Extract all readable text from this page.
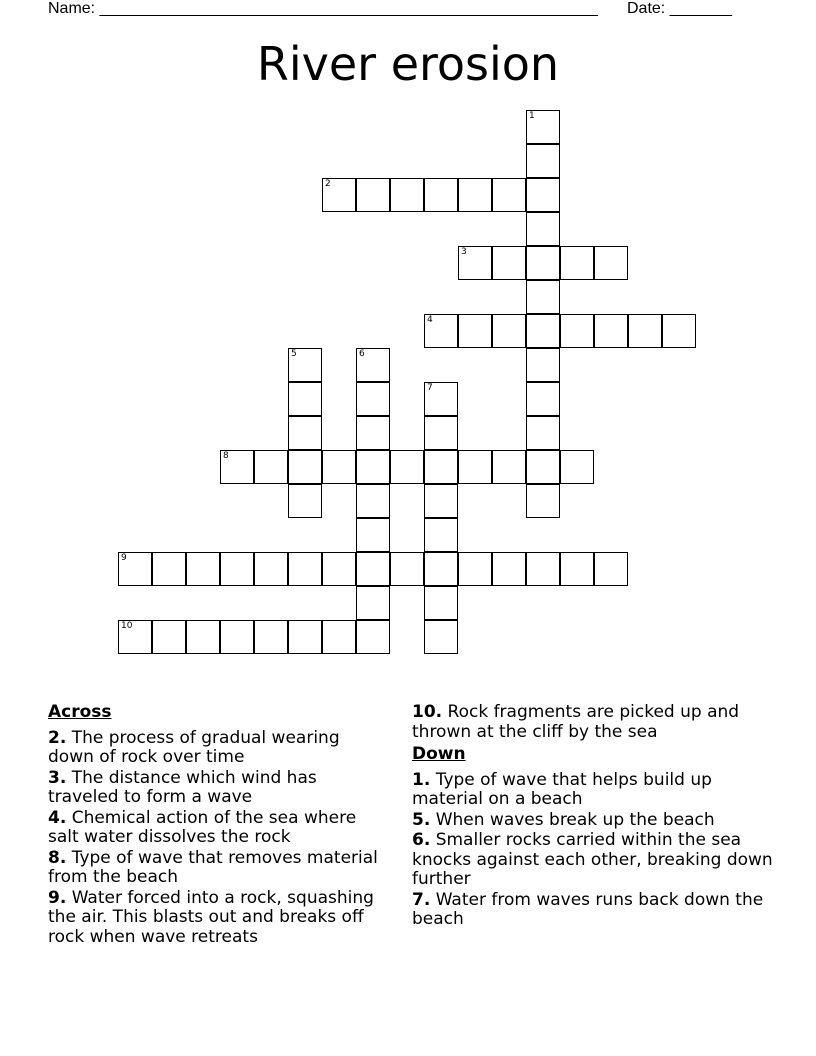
Name: ________________________________________________________ Date: _______
River erosion
1
2
3
4
5	6
7
8
9
10
Across
2. The process of gradual wearing down of rock over time
3. The distance which wind has traveled to form a wave
4. Chemical action of the sea where salt water dissolves the rock
8. Type of wave that removes material from the beach
9. Water forced into a rock, squashing the air. This blasts out and breaks off rock when wave retreats
10. Rock fragments are picked up and thrown at the cliff by the sea
Down
1. Type of wave that helps build up material on a beach
5. When waves break up the beach
6. Smaller rocks carried within the sea knocks against each other, breaking down further
7. Water from waves runs back down the beach
